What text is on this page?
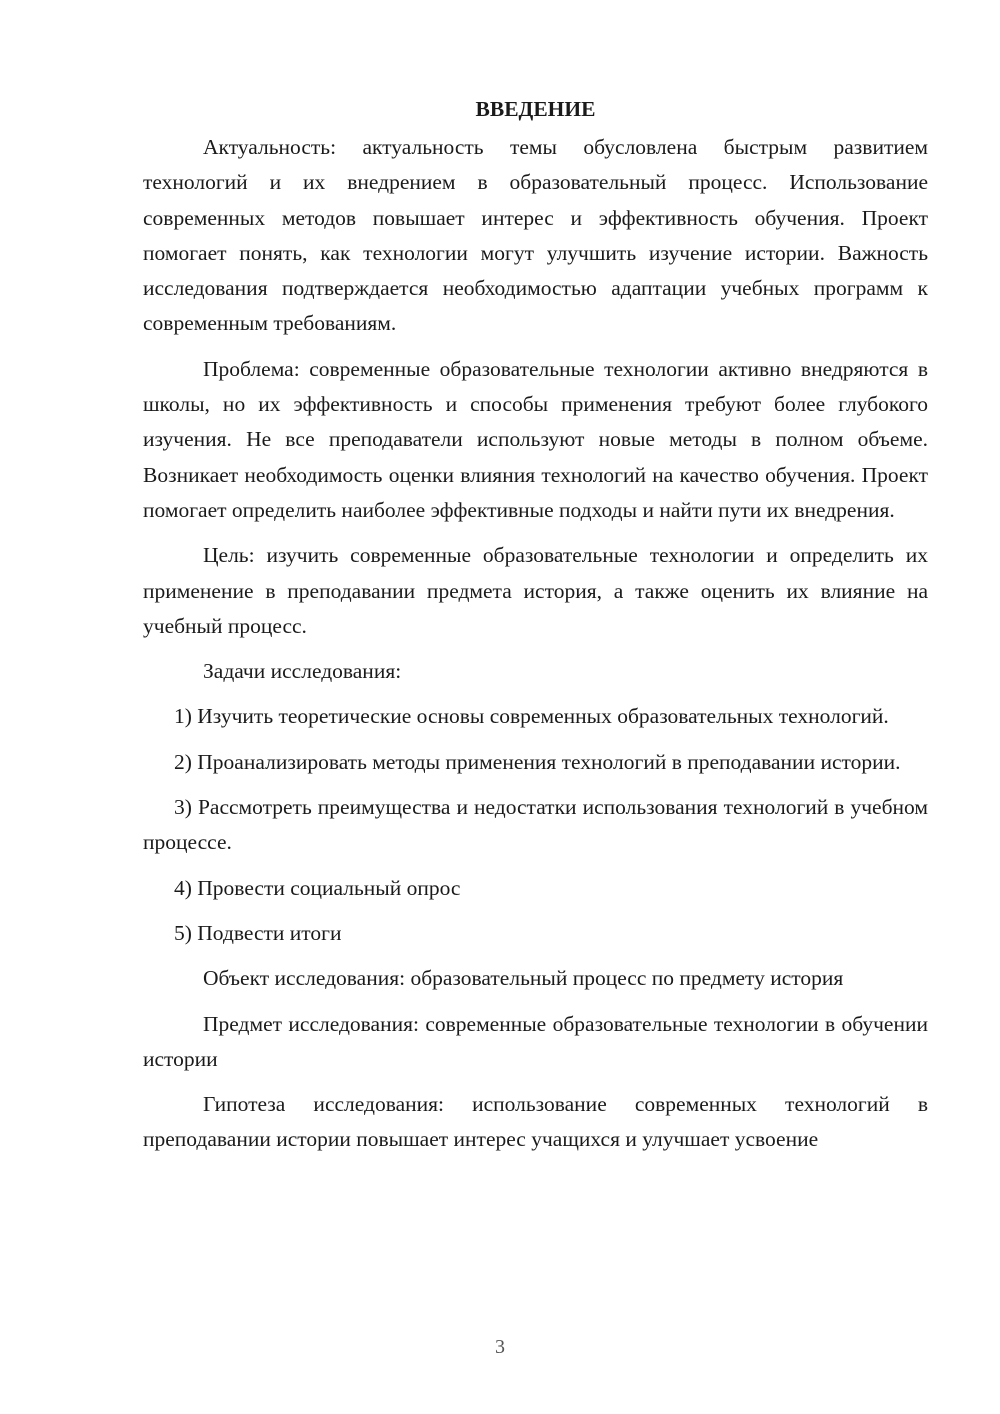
ВВЕДЕНИЕ

Актуальность: актуальность темы обусловлена быстрым развитием технологий и их внедрением в образовательный процесс. Использование современных методов повышает интерес и эффективность обучения. Проект помогает понять, как технологии могут улучшить изучение истории. Важность исследования подтверждается необходимостью адаптации учебных программ к современным требованиям.

Проблема: современные образовательные технологии активно внедряются в школы, но их эффективность и способы применения требуют более глубокого изучения. Не все преподаватели используют новые методы в полном объеме. Возникает необходимость оценки влияния технологий на качество обучения. Проект помогает определить наиболее эффективные подходы и найти пути их внедрения.

Цель: изучить современные образовательные технологии и определить их применение в преподавании предмета история, а также оценить их влияние на учебный процесс.

Задачи исследования:

1) Изучить теоретические основы современных образовательных технологий.

2) Проанализировать методы применения технологий в преподавании истории.

3) Рассмотреть преимущества и недостатки использования технологий в учебном процессе.

4) Провести социальный опрос

5) Подвести итоги

Объект исследования: образовательный процесс по предмету история

Предмет исследования: современные образовательные технологии в обучении истории

Гипотеза исследования: использование современных технологий в преподавании истории повышает интерес учащихся и улучшает усвоение

3
